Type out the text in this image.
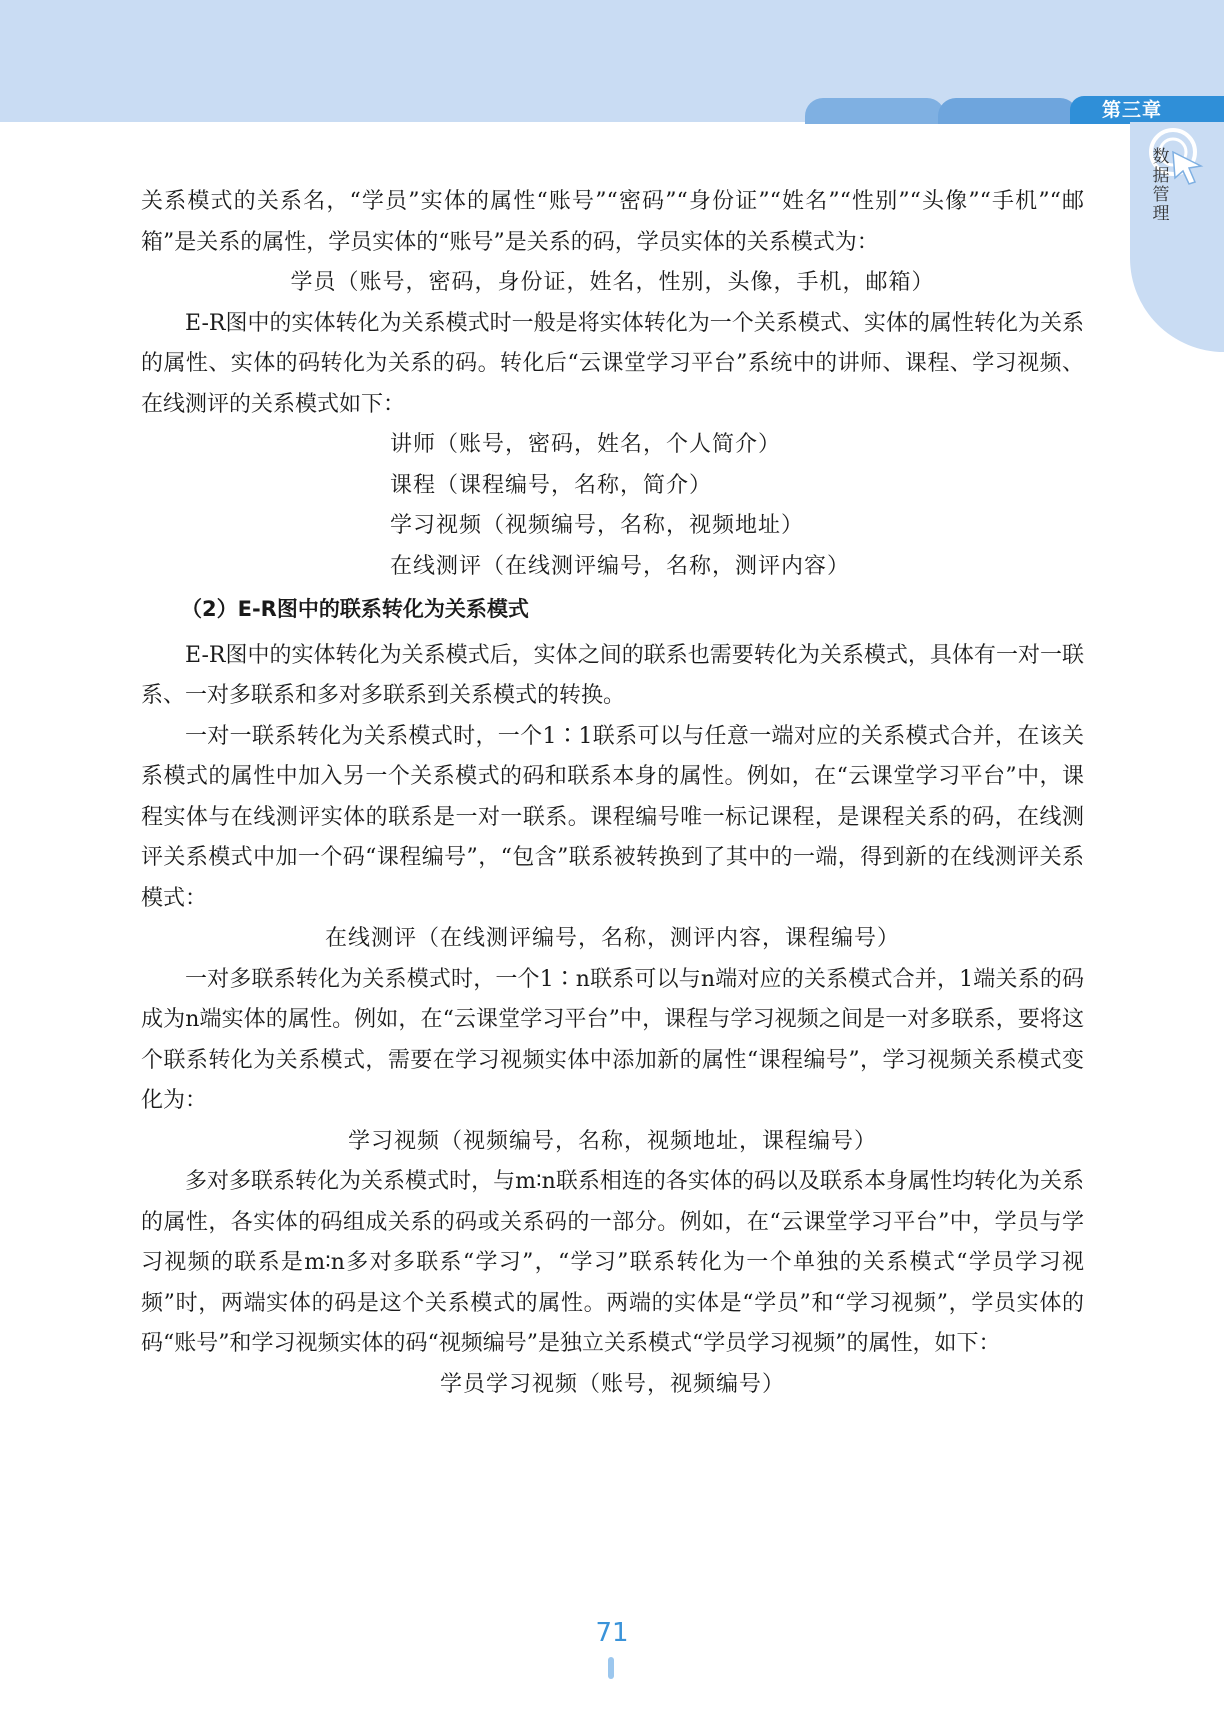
第三章
数据管理

关系模式的关系名，“学员”实体的属性“账号”“密码”“身份证”“姓名”“性别”“头像”“手机”“邮箱”是关系的属性，学员实体的“账号”是关系的码，学员实体的关系模式为：

学员（账号，密码，身份证，姓名，性别，头像，手机，邮箱）

E-R图中的实体转化为关系模式时一般是将实体转化为一个关系模式、实体的属性转化为关系的属性、实体的码转化为关系的码。转化后“云课堂学习平台”系统中的讲师、课程、学习视频、在线测评的关系模式如下：

讲师（账号，密码，姓名，个人简介）

课程（课程编号，名称，简介）

学习视频（视频编号，名称，视频地址）

在线测评（在线测评编号，名称，测评内容）

（2）E-R图中的联系转化为关系模式

E-R图中的实体转化为关系模式后，实体之间的联系也需要转化为关系模式，具体有一对一联系、一对多联系和多对多联系到关系模式的转换。

一对一联系转化为关系模式时，一个1∶1联系可以与任意一端对应的关系模式合并，在该关系模式的属性中加入另一个关系模式的码和联系本身的属性。例如，在“云课堂学习平台”中，课程实体与在线测评实体的联系是一对一联系。课程编号唯一标记课程，是课程关系的码，在线测评关系模式中加一个码“课程编号”，“包含”联系被转换到了其中的一端，得到新的在线测评关系模式：

在线测评（在线测评编号，名称，测评内容，课程编号）

一对多联系转化为关系模式时，一个1∶n联系可以与n端对应的关系模式合并，1端关系的码成为n端实体的属性。例如，在“云课堂学习平台”中，课程与学习视频之间是一对多联系，要将这个联系转化为关系模式，需要在学习视频实体中添加新的属性“课程编号”，学习视频关系模式变化为：

学习视频（视频编号，名称，视频地址，课程编号）

多对多联系转化为关系模式时，与m∶n联系相连的各实体的码以及联系本身属性均转化为关系的属性，各实体的码组成关系的码或关系码的一部分。例如，在“云课堂学习平台”中，学员与学习视频的联系是m∶n多对多联系“学习”，“学习”联系转化为一个单独的关系模式“学员学习视频”时，两端实体的码是这个关系模式的属性。两端的实体是“学员”和“学习视频”，学员实体的码“账号”和学习视频实体的码“视频编号”是独立关系模式“学员学习视频”的属性，如下：

学员学习视频（账号，视频编号）

71
